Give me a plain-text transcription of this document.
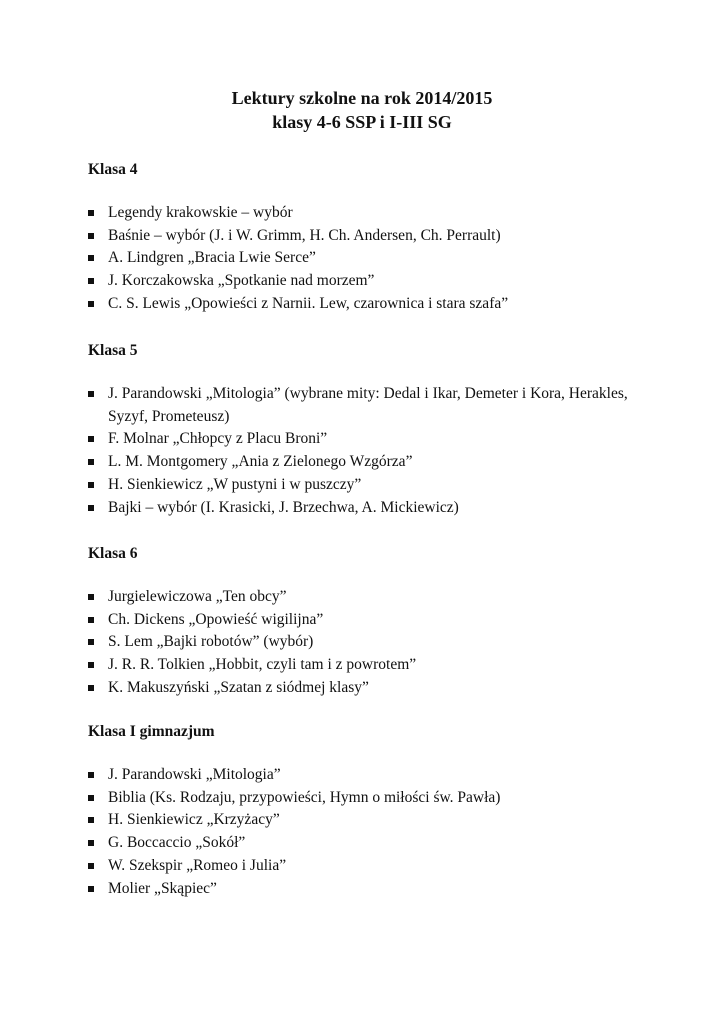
Lektury szkolne na rok 2014/2015
klasy 4-6 SSP i I-III SG

Klasa 4

Legendy krakowskie – wybór
Baśnie – wybór (J. i W. Grimm, H. Ch. Andersen, Ch. Perrault)
A. Lindgren „Bracia Lwie Serce”
J. Korczakowska „Spotkanie nad morzem”
C. S. Lewis „Opowieści z Narnii. Lew, czarownica i stara szafa”

Klasa 5

J. Parandowski „Mitologia” (wybrane mity: Dedal i Ikar, Demeter i Kora, Herakles, Syzyf, Prometeusz)
F. Molnar „Chłopcy z Placu Broni”
L. M. Montgomery „Ania z Zielonego Wzgórza”
H. Sienkiewicz „W pustyni i w puszczy”
Bajki – wybór (I. Krasicki, J. Brzechwa, A. Mickiewicz)

Klasa 6

Jurgielewiczowa „Ten obcy”
Ch. Dickens „Opowieść wigilijna”
S. Lem „Bajki robotów” (wybór)
J. R. R. Tolkien „Hobbit, czyli tam i z powrotem”
K. Makuszyński „Szatan z siódmej klasy”

Klasa I gimnazjum

J. Parandowski „Mitologia”
Biblia (Ks. Rodzaju, przypowieści, Hymn o miłości św. Pawła)
H. Sienkiewicz „Krzyżacy”
G. Boccaccio „Sokół”
W. Szekspir „Romeo i Julia”
Molier „Skąpiec”
